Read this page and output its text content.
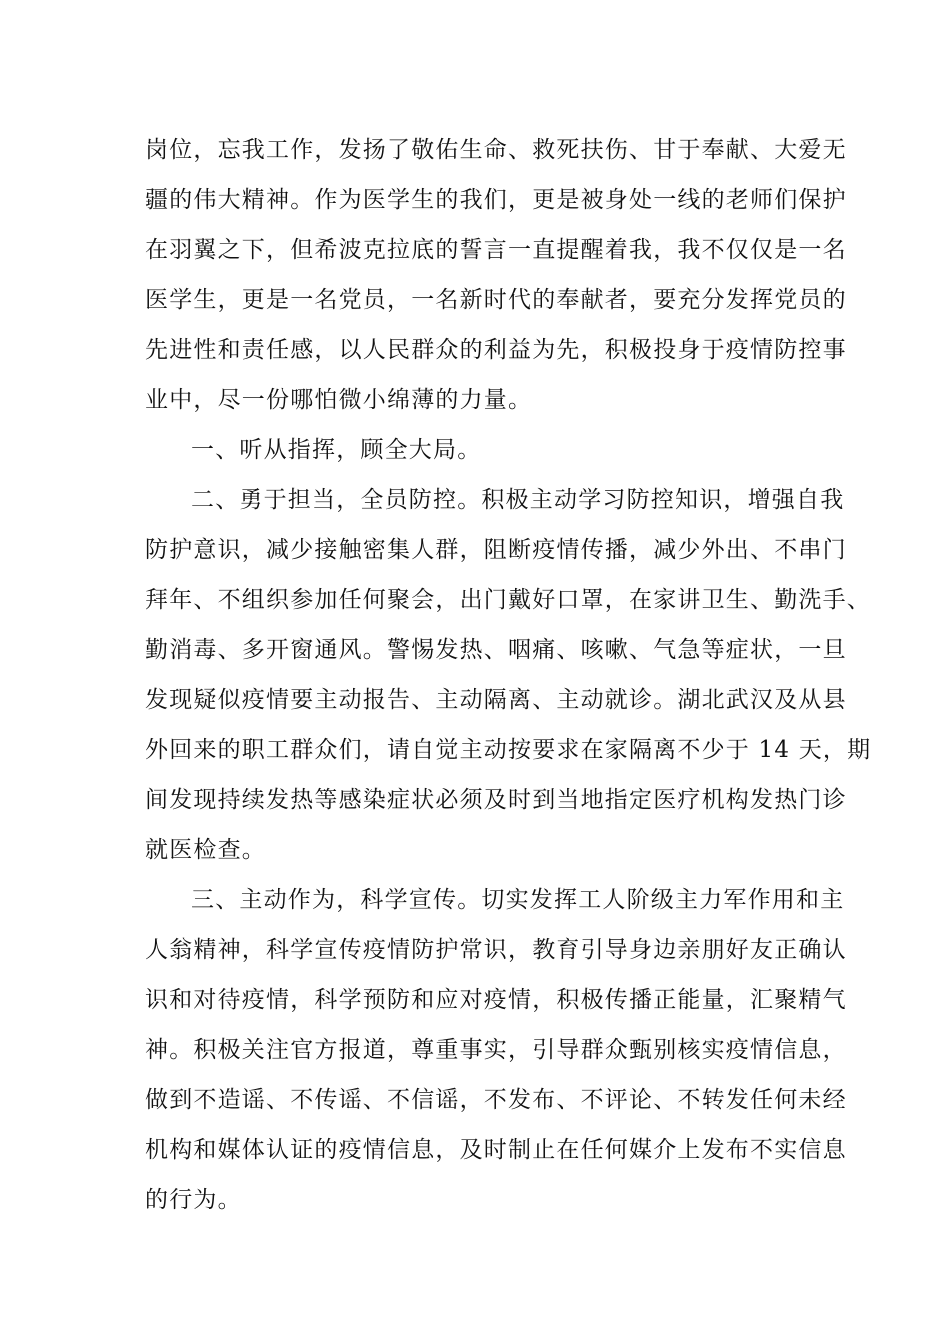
岗位，忘我工作，发扬了敬佑生命、救死扶伤、甘于奉献、大爱无
疆的伟大精神。作为医学生的我们，更是被身处一线的老师们保护
在羽翼之下，但希波克拉底的誓言一直提醒着我，我不仅仅是一名
医学生，更是一名党员，一名新时代的奉献者，要充分发挥党员的
先进性和责任感，以人民群众的利益为先，积极投身于疫情防控事
业中，尽一份哪怕微小绵薄的力量。
一、听从指挥，顾全大局。
二、勇于担当，全员防控。积极主动学习防控知识，增强自我
防护意识，减少接触密集人群，阻断疫情传播，减少外出、不串门
拜年、不组织参加任何聚会，出门戴好口罩，在家讲卫生、勤洗手、
勤消毒、多开窗通风。警惕发热、咽痛、咳嗽、气急等症状，一旦
发现疑似疫情要主动报告、主动隔离、主动就诊。湖北武汉及从县
外回来的职工群众们，请自觉主动按要求在家隔离不少于 14 天，期
间发现持续发热等感染症状必须及时到当地指定医疗机构发热门诊
就医检查。
三、主动作为，科学宣传。切实发挥工人阶级主力军作用和主
人翁精神，科学宣传疫情防护常识，教育引导身边亲朋好友正确认
识和对待疫情，科学预防和应对疫情，积极传播正能量，汇聚精气
神。积极关注官方报道，尊重事实，引导群众甄别核实疫情信息，
做到不造谣、不传谣、不信谣，不发布、不评论、不转发任何未经
机构和媒体认证的疫情信息，及时制止在任何媒介上发布不实信息
的行为。
